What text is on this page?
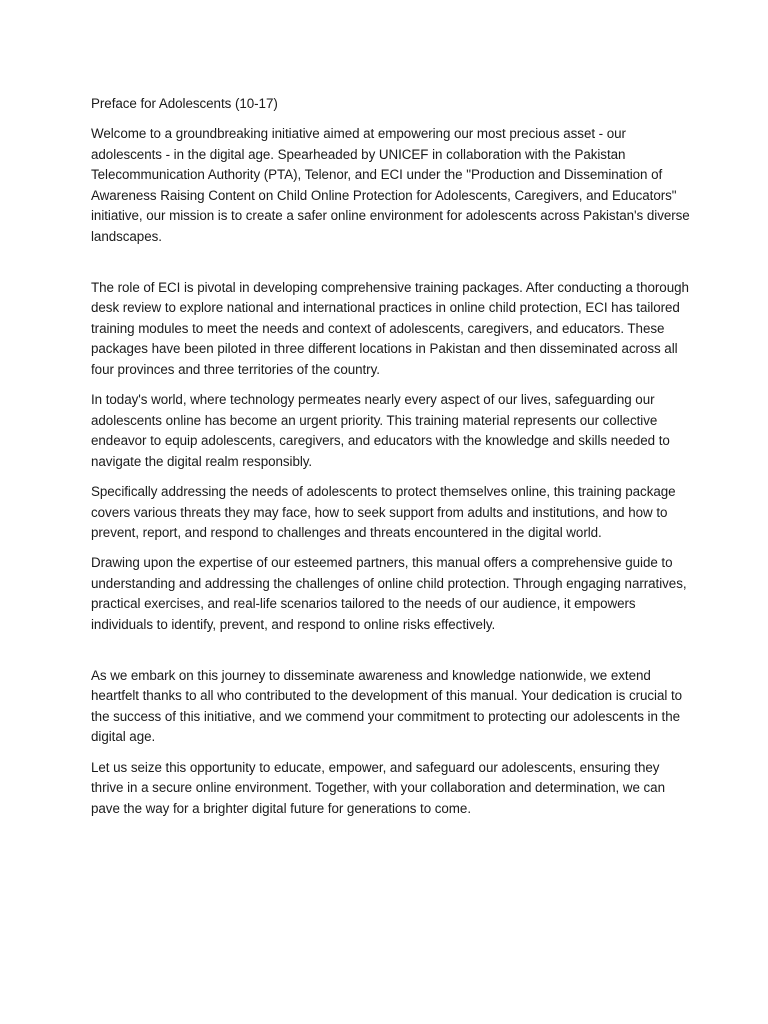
Preface for Adolescents (10-17)

Welcome to a groundbreaking initiative aimed at empowering our most precious asset - our adolescents - in the digital age. Spearheaded by UNICEF in collaboration with the Pakistan Telecommunication Authority (PTA), Telenor, and ECI under the "Production and Dissemination of Awareness Raising Content on Child Online Protection for Adolescents, Caregivers, and Educators" initiative, our mission is to create a safer online environment for adolescents across Pakistan's diverse landscapes.

The role of ECI is pivotal in developing comprehensive training packages. After conducting a thorough desk review to explore national and international practices in online child protection, ECI has tailored training modules to meet the needs and context of adolescents, caregivers, and educators. These packages have been piloted in three different locations in Pakistan and then disseminated across all four provinces and three territories of the country.

In today's world, where technology permeates nearly every aspect of our lives, safeguarding our adolescents online has become an urgent priority. This training material represents our collective endeavor to equip adolescents, caregivers, and educators with the knowledge and skills needed to navigate the digital realm responsibly.

Specifically addressing the needs of adolescents to protect themselves online, this training package covers various threats they may face, how to seek support from adults and institutions, and how to prevent, report, and respond to challenges and threats encountered in the digital world.

Drawing upon the expertise of our esteemed partners, this manual offers a comprehensive guide to understanding and addressing the challenges of online child protection. Through engaging narratives, practical exercises, and real-life scenarios tailored to the needs of our audience, it empowers individuals to identify, prevent, and respond to online risks effectively.

As we embark on this journey to disseminate awareness and knowledge nationwide, we extend heartfelt thanks to all who contributed to the development of this manual. Your dedication is crucial to the success of this initiative, and we commend your commitment to protecting our adolescents in the digital age.

Let us seize this opportunity to educate, empower, and safeguard our adolescents, ensuring they thrive in a secure online environment. Together, with your collaboration and determination, we can pave the way for a brighter digital future for generations to come.
